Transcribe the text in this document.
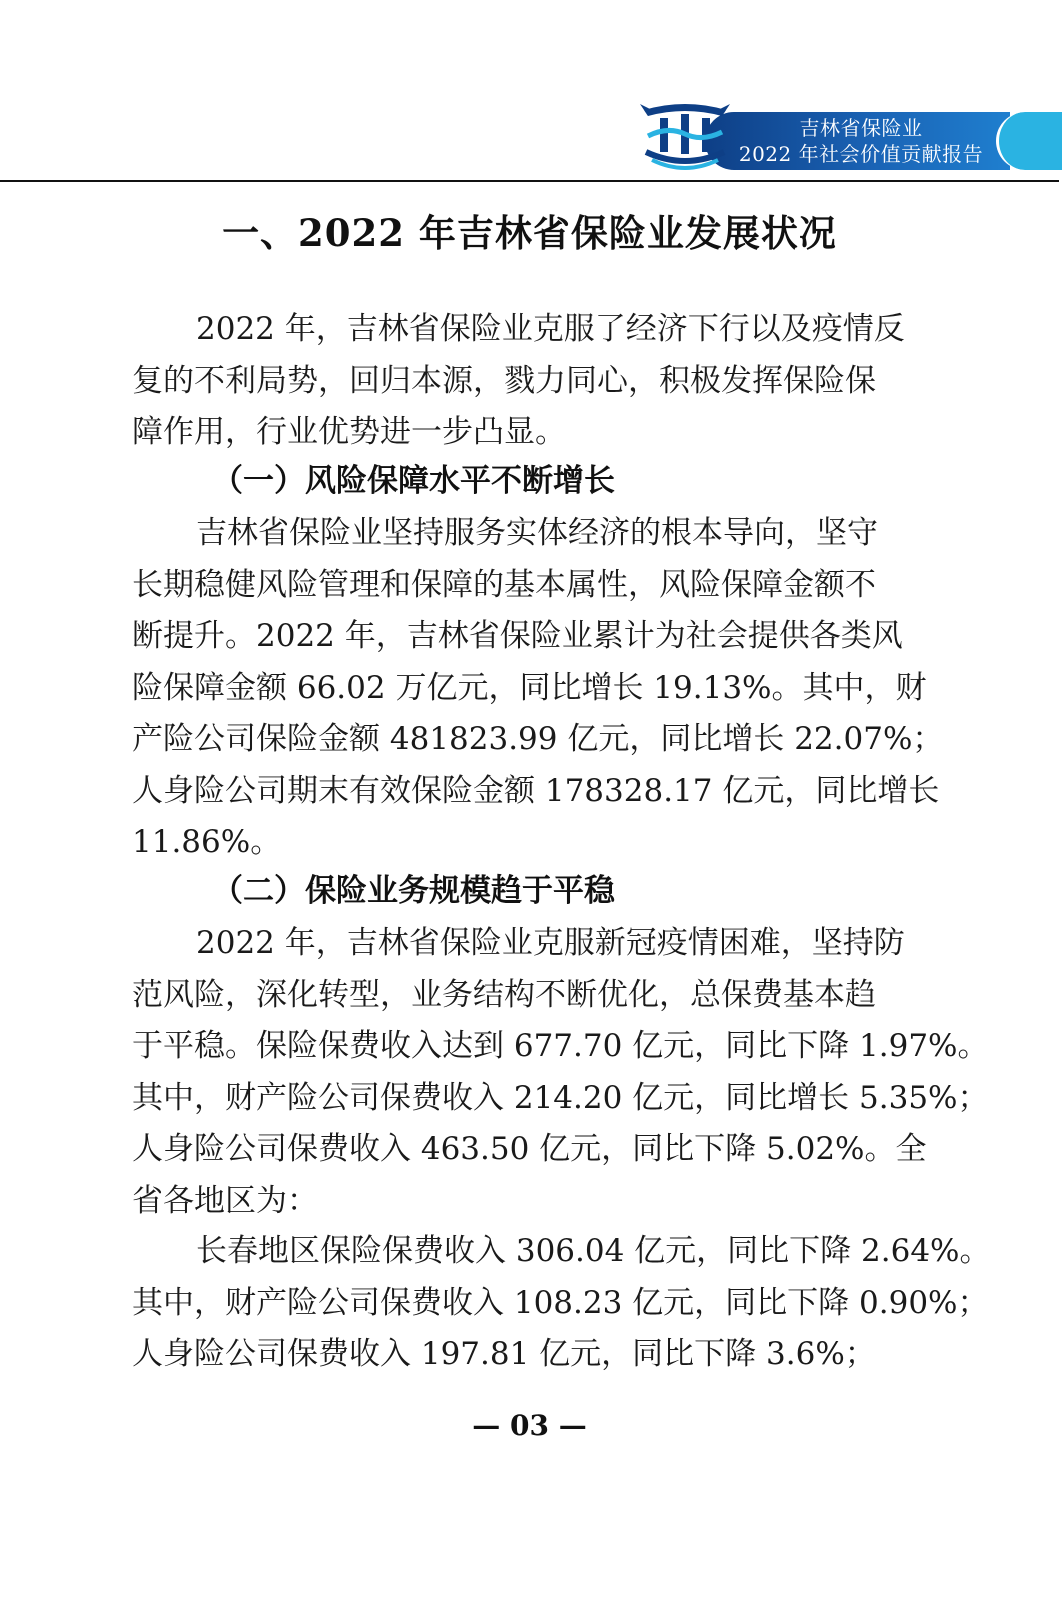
吉林省保险业
2022 年社会价值贡献报告
一、2022 年吉林省保险业发展状况
2022 年，吉林省保险业克服了经济下行以及疫情反
复的不利局势，回归本源，戮力同心，积极发挥保险保
障作用，行业优势进一步凸显。
（一）风险保障水平不断增长
吉林省保险业坚持服务实体经济的根本导向，坚守
长期稳健风险管理和保障的基本属性，风险保障金额不
断提升。2022 年，吉林省保险业累计为社会提供各类风
险保障金额 66.02 万亿元，同比增长 19.13%。其中，财
产险公司保险金额 481823.99 亿元，同比增长 22.07%；
人身险公司期末有效保险金额 178328.17 亿元，同比增长
11.86%。
（二）保险业务规模趋于平稳
2022 年，吉林省保险业克服新冠疫情困难，坚持防
范风险，深化转型，业务结构不断优化，总保费基本趋
于平稳。保险保费收入达到 677.70 亿元，同比下降 1.97%。
其中，财产险公司保费收入 214.20 亿元，同比增长 5.35%；
人身险公司保费收入 463.50 亿元，同比下降 5.02%。全
省各地区为：
长春地区保险保费收入 306.04 亿元，同比下降 2.64%。
其中，财产险公司保费收入 108.23 亿元，同比下降 0.90%；
人身险公司保费收入 197.81 亿元，同比下降 3.6%；
— 03 —
